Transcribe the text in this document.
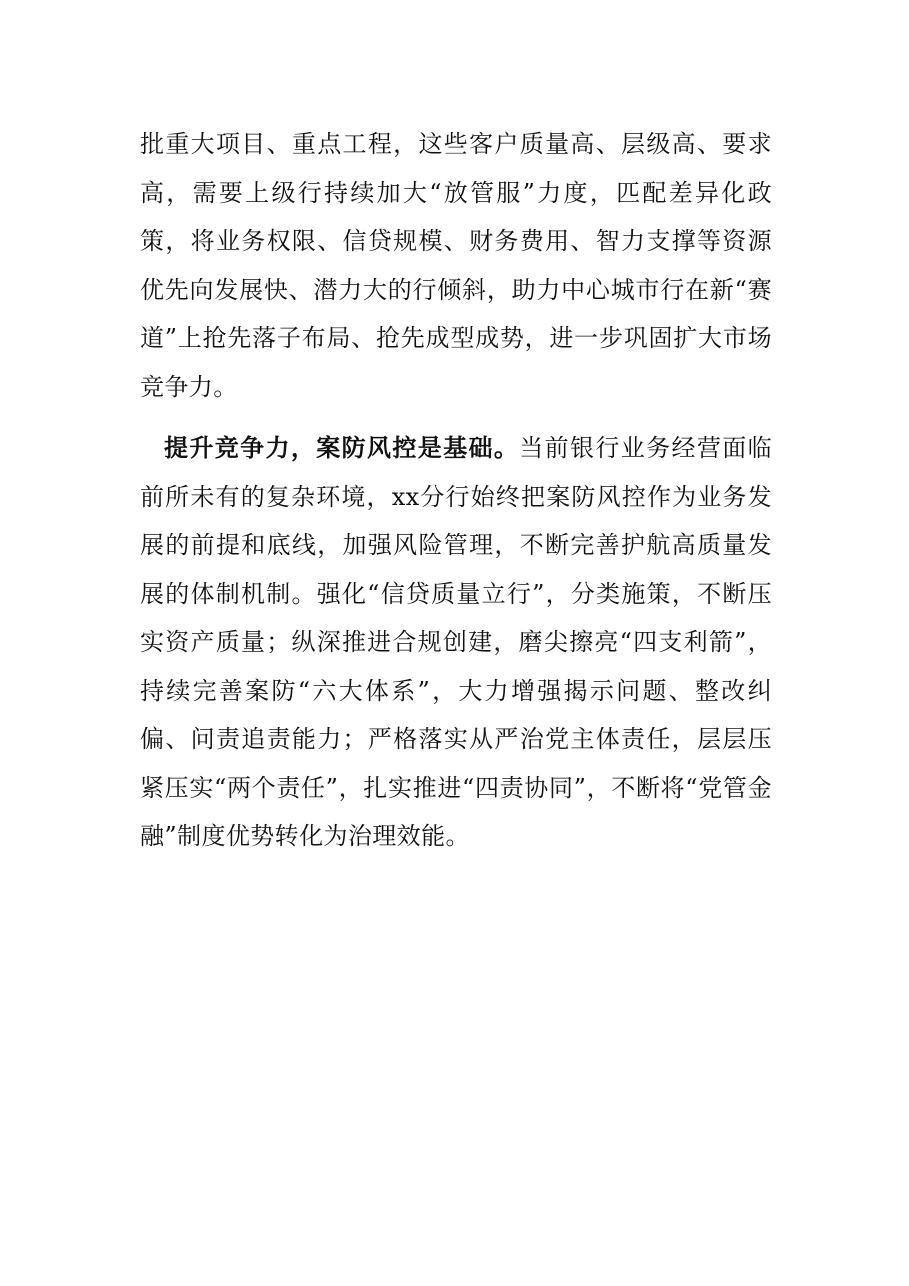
批重大项目、重点工程，这些客户质量高、层级高、要求高，需要上级行持续加大“放管服”力度，匹配差异化政策，将业务权限、信贷规模、财务费用、智力支撑等资源优先向发展快、潜力大的行倾斜，助力中心城市行在新“赛道”上抢先落子布局、抢先成型成势，进一步巩固扩大市场竞争力。

提升竞争力，案防风控是基础。当前银行业务经营面临前所未有的复杂环境，xx分行始终把案防风控作为业务发展的前提和底线，加强风险管理，不断完善护航高质量发展的体制机制。强化“信贷质量立行”，分类施策，不断压实资产质量；纵深推进合规创建，磨尖擦亮“四支利箭”，持续完善案防“六大体系”，大力增强揭示问题、整改纠偏、问责追责能力；严格落实从严治党主体责任，层层压紧压实“两个责任”，扎实推进“四责协同”，不断将“党管金融”制度优势转化为治理效能。
